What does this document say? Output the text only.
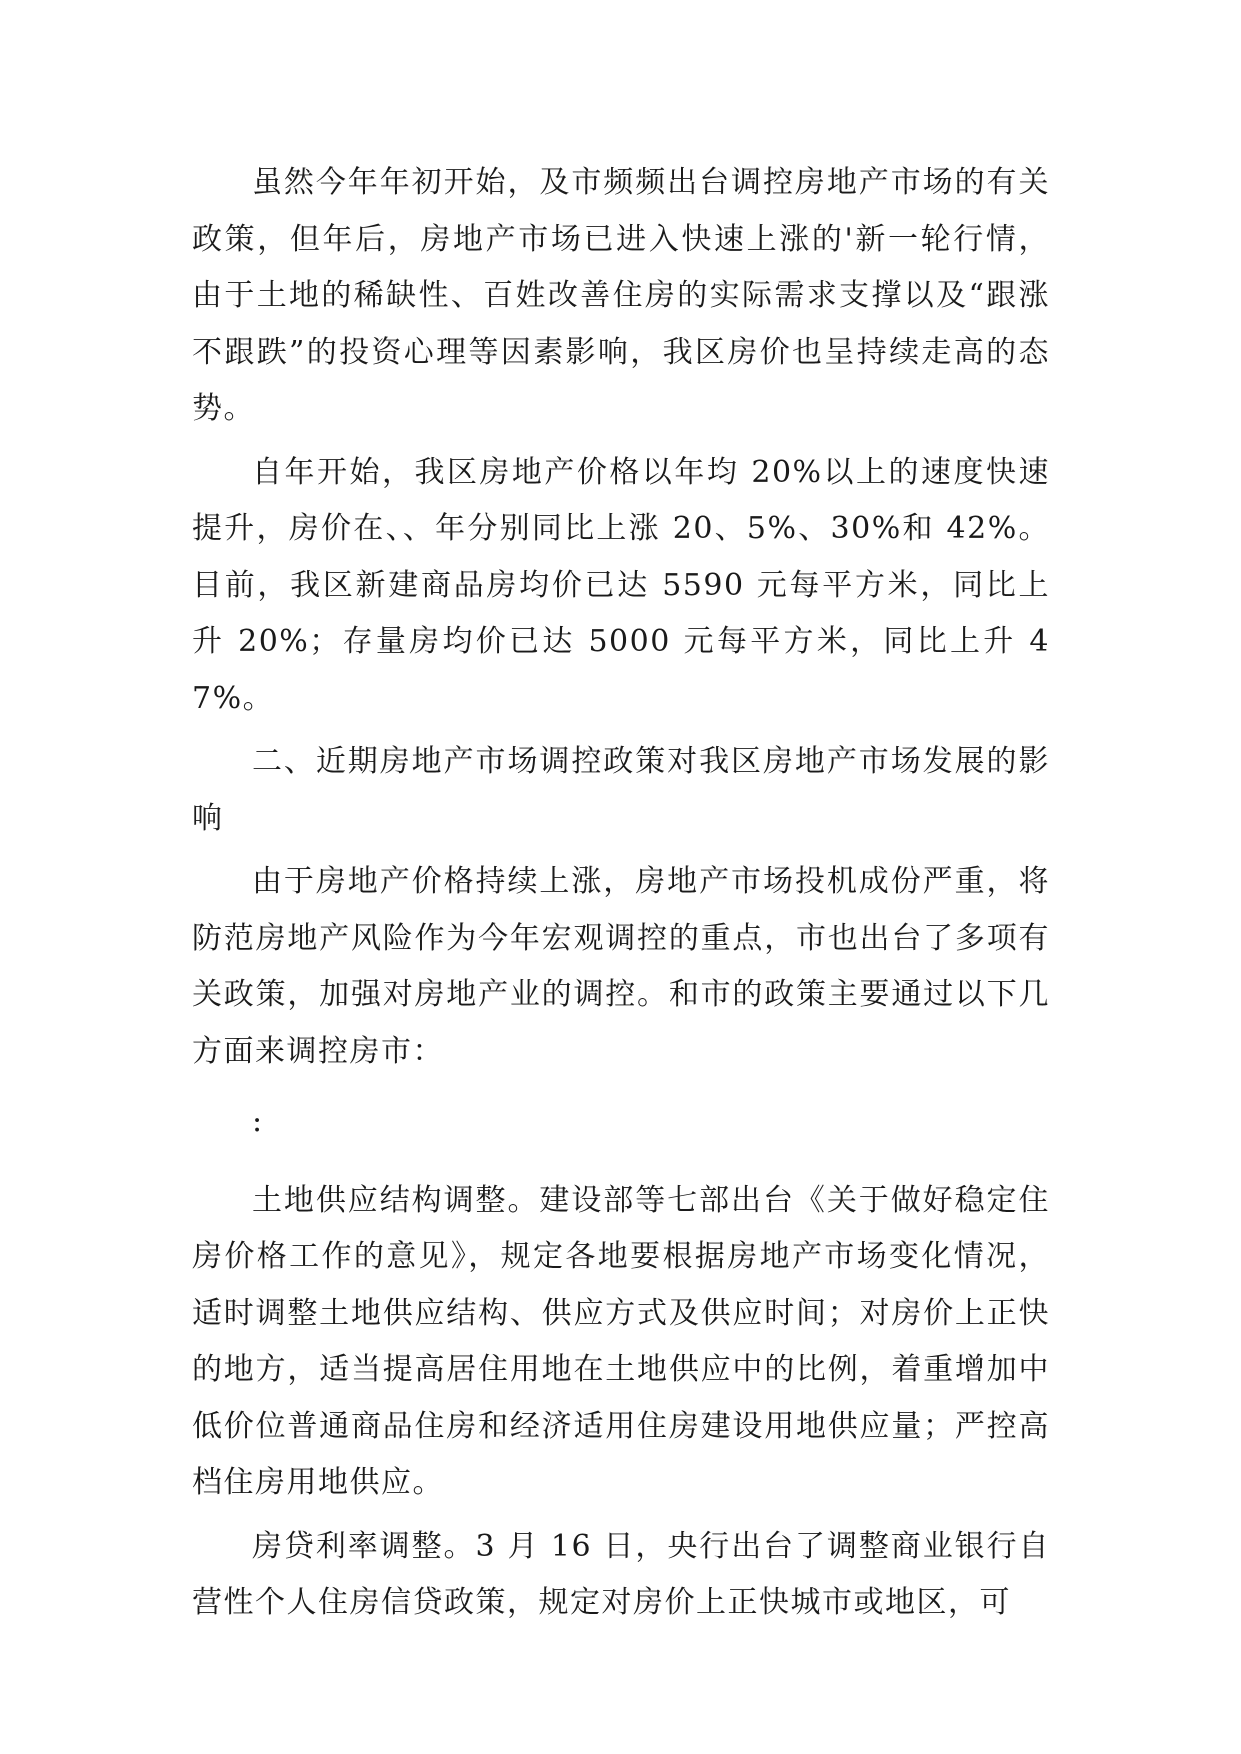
虽然今年年初开始，及市频频出台调控房地产市场的有关政策，但年后，房地产市场已进入快速上涨的'新一轮行情，由于土地的稀缺性、百姓改善住房的实际需求支撑以及“跟涨不跟跌”的投资心理等因素影响，我区房价也呈持续走高的态势。

自年开始，我区房地产价格以年均 20%以上的速度快速提升，房价在、、年分别同比上涨 20、5%、30%和 42%。目前，我区新建商品房均价已达 5590 元每平方米，同比上升 20%；存量房均价已达 5000 元每平方米，同比上升 47%。

二、近期房地产市场调控政策对我区房地产市场发展的影响

由于房地产价格持续上涨，房地产市场投机成份严重，将防范房地产风险作为今年宏观调控的重点，市也出台了多项有关政策，加强对房地产业的调控。和市的政策主要通过以下几方面来调控房市：

:

土地供应结构调整。建设部等七部出台《关于做好稳定住房价格工作的意见》，规定各地要根据房地产市场变化情况，适时调整土地供应结构、供应方式及供应时间；对房价上正快的地方，适当提高居住用地在土地供应中的比例，着重增加中低价位普通商品住房和经济适用住房建设用地供应量；严控高档住房用地供应。

房贷利率调整。3 月 16 日，央行出台了调整商业银行自营性个人住房信贷政策，规定对房价上正快城市或地区，可
